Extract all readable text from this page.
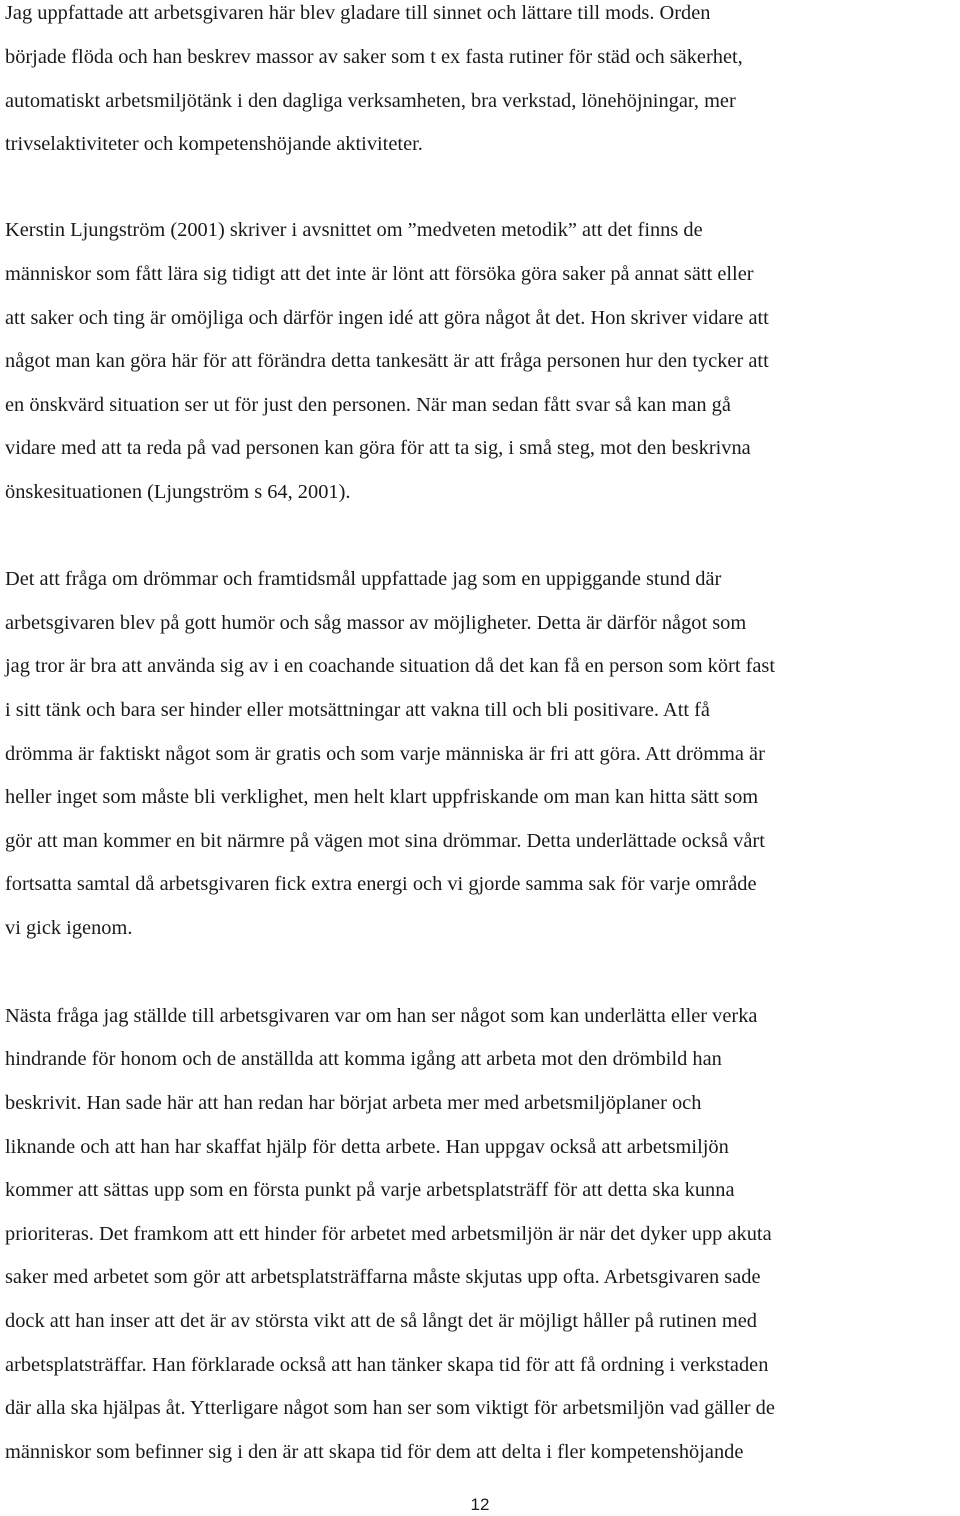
Jag uppfattade att arbetsgivaren här blev gladare till sinnet och lättare till mods. Orden
började flöda och han beskrev massor av saker som t ex fasta rutiner för städ och säkerhet,
automatiskt arbetsmiljötänk i den dagliga verksamheten, bra verkstad, lönehöjningar, mer
trivselaktiviteter och kompetenshöjande aktiviteter.
Kerstin Ljungström (2001) skriver i avsnittet om ”medveten metodik” att det finns de
människor som fått lära sig tidigt att det inte är lönt att försöka göra saker på annat sätt eller
att saker och ting är omöjliga och därför ingen idé att göra något åt det. Hon skriver vidare att
något man kan göra här för att förändra detta tankesätt är att fråga personen hur den tycker att
en önskvärd situation ser ut för just den personen. När man sedan fått svar så kan man gå
vidare med att ta reda på vad personen kan göra för att ta sig, i små steg, mot den beskrivna
önskesituationen (Ljungström s 64, 2001).
Det att fråga om drömmar och framtidsmål uppfattade jag som en uppiggande stund där
arbetsgivaren blev på gott humör och såg massor av möjligheter. Detta är därför något som
jag tror är bra att använda sig av i en coachande situation då det kan få en person som kört fast
i sitt tänk och bara ser hinder eller motsättningar att vakna till och bli positivare. Att få
drömma är faktiskt något som är gratis och som varje människa är fri att göra. Att drömma är
heller inget som måste bli verklighet, men helt klart uppfriskande om man kan hitta sätt som
gör att man kommer en bit närmre på vägen mot sina drömmar. Detta underlättade också vårt
fortsatta samtal då arbetsgivaren fick extra energi och vi gjorde samma sak för varje område
vi gick igenom.
Nästa fråga jag ställde till arbetsgivaren var om han ser något som kan underlätta eller verka
hindrande för honom och de anställda att komma igång att arbeta mot den drömbild han
beskrivit. Han sade här att han redan har börjat arbeta mer med arbetsmiljöplaner och
liknande och att han har skaffat hjälp för detta arbete. Han uppgav också att arbetsmiljön
kommer att sättas upp som en första punkt på varje arbetsplatsträff för att detta ska kunna
prioriteras. Det framkom att ett hinder för arbetet med arbetsmiljön är när det dyker upp akuta
saker med arbetet som gör att arbetsplatsträffarna måste skjutas upp ofta. Arbetsgivaren sade
dock att han inser att det är av största vikt att de så långt det är möjligt håller på rutinen med
arbetsplatsträffar. Han förklarade också att han tänker skapa tid för att få ordning i verkstaden
där alla ska hjälpas åt. Ytterligare något som han ser som viktigt för arbetsmiljön vad gäller de
människor som befinner sig i den är att skapa tid för dem att delta i fler kompetenshöjande
12
